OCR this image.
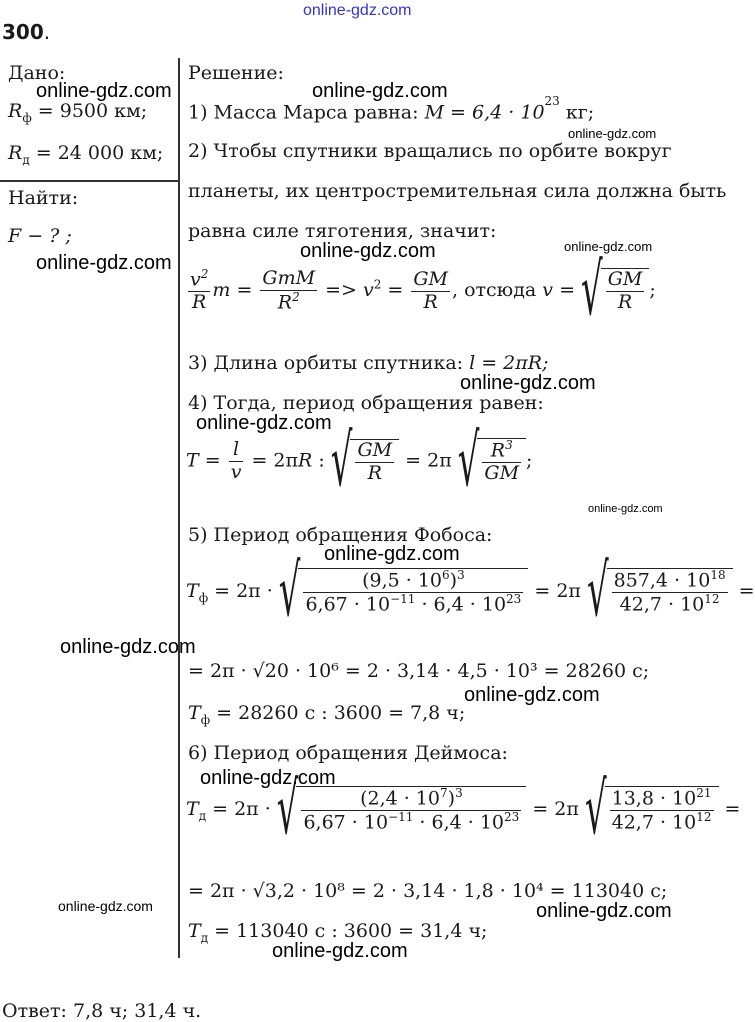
online-gdz.com
300.
Дано:
$R_ф = 9500$ км;
$R_д = 24$ 000 км;
Найти:
F − ? ;
Решение:
1) Масса Марса равна: $M = 6,4 \cdot 10^{23}$ кг;
2) Чтобы спутники вращались по орбите вокруг
планеты, их центростремительная сила должна быть
равна силе тяготения, значит:
$\frac{v^2}{R}$ $m = \frac{\text{GmM}}{R^2} => v^2 = \frac{GM}{R}$ , отсюда v = √ $\frac{GM}{R}$ ;
3) Длина орбиты спутника: l = 2πR;
4) Тогда, период обращения равен:
$T = \frac{l}{v} = 2\pi R$ : √ $\frac{GM}{R} = 2\pi$ √ $\frac{R^3}{GM}$ ;
5) Период обращения Фобоса:
$T_ф = 2\pi$ · √ $\frac{(9,5 \cdot 10^6)^3}{6,67 \cdot 10^{-11} \cdot 6,4 \cdot 10^{23}} = 2\pi$ √ $\frac{857,4 \cdot 10^{18}}{42,7 \cdot 10^{12}}$ =
= 2π · √20 · 10⁶ = 2 · 3,14 · 4,5 · 10³ = 28260 с;
$T_ф = 28260$ с : 3600 = 7,8 ч;
6) Период обращения Деймоса:
$T_д = 2\pi$ · √ $\frac{(2,4 \cdot 10^7)^3}{6,67 \cdot 10^{-11} \cdot 6,4 \cdot 10^{23}} = 2\pi$ √ $\frac{13,8 \cdot 10^{21}}{42,7 \cdot 10^{12}}$ =
= 2π · √3,2 · 10⁸ = 2 · 3,14 · 1,8 · 10⁴ = 113040 с;
$T_д = 113040$ с : 3600 = 31,4 ч;
Ответ: 7,8 ч; 31,4 ч.
online-gdz.com	online-gdz.com
online-gdz.com
online-gdz.com	online-gdz.com
online-gdz.com
online-gdz.com
online-gdz.com
online-gdz.com
online-gdz.com
online-gdz.com
online-gdz.com
online-gdz.com
online-gdz.com	online-gdz.com
online-gdz.com
